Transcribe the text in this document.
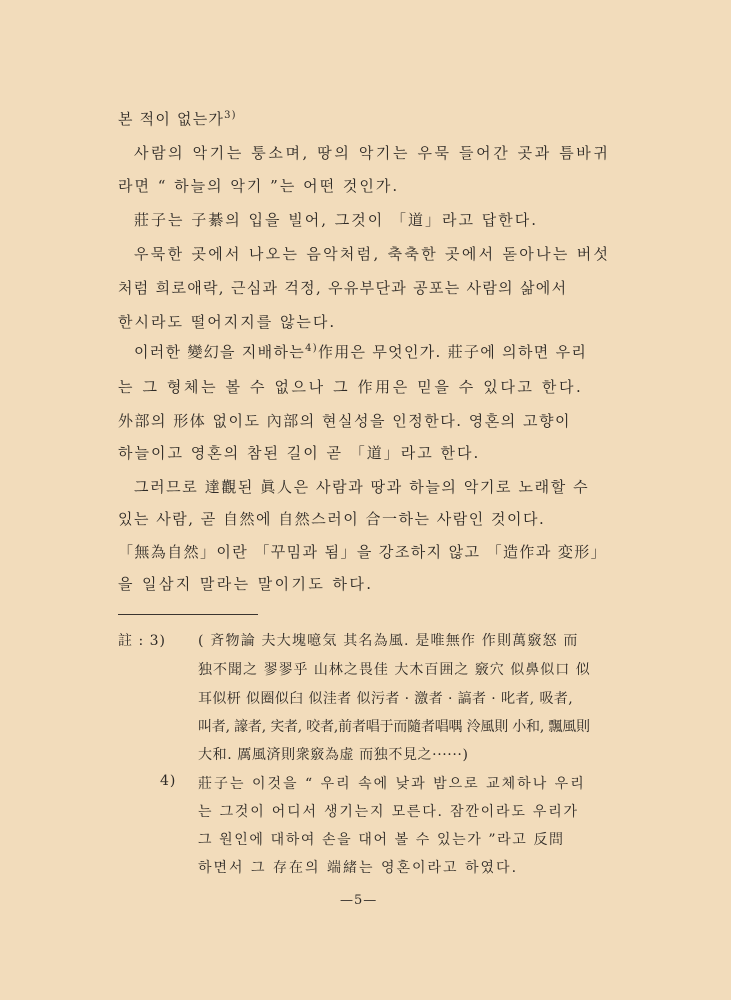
본 적이 없는가$^{3)}$
사람의 악기는 퉁소며, 땅의 악기는 우묵 들어간 곳과 틈바귀
라면 “ 하늘의 악기 ”는 어떤 것인가.
莊子는 子綦의 입을 빌어, 그것이 「道」라고 답한다.
우묵한 곳에서 나오는 음악처럼, 축축한 곳에서 돋아나는 버섯
처럼 희로애락, 근심과 걱정, 우유부단과 공포는 사람의 삶에서
한시라도 떨어지지를 않는다.
이러한 變幻을 지배하는$^{4)}$作用은 무엇인가. 莊子에 의하면 우리
는 그 형체는 볼 수 없으나 그 作用은 믿을 수 있다고 한다.
外部의 形体 없이도 內部의 현실성을 인정한다. 영혼의 고향이
하늘이고 영혼의 참된 길이 곧 「道」라고 한다.
그러므로 達觀된 眞人은 사람과 땅과 하늘의 악기로 노래할 수
있는 사람, 곧 自然에 自然스러이 合一하는 사람인 것이다.
「無為自然」이란 「꾸밈과 됨」을 강조하지 않고 「造作과 変形」
을 일삼지 말라는 말이기도 하다.
註 : 3) ( 斉物論 夫大塊噫気 其名為風. 是唯無作 作則萬竅怒 而
独不聞之 翏翏乎 山林之畏佳 大木百囲之 竅穴 似鼻似口 似
耳似枅 似圈似臼 似洼者 似污者 · 激者 · 謞者 · 叱者, 吸者,
叫者, 譹者, 宎者, 咬者,前者唱于而隨者唱喁 泠風則 小和, 飄風則
大和. 厲風済則衆竅為虚 而独不見之······)
4) 莊子는 이것을 “ 우리 속에 낮과 밤으로 교체하나 우리
는 그것이 어디서 생기는지 모른다. 잠깐이라도 우리가
그 원인에 대하여 손을 대어 볼 수 있는가 ”라고 反問
하면서 그 存在의 端緒는 영혼이라고 하였다.
—5—
